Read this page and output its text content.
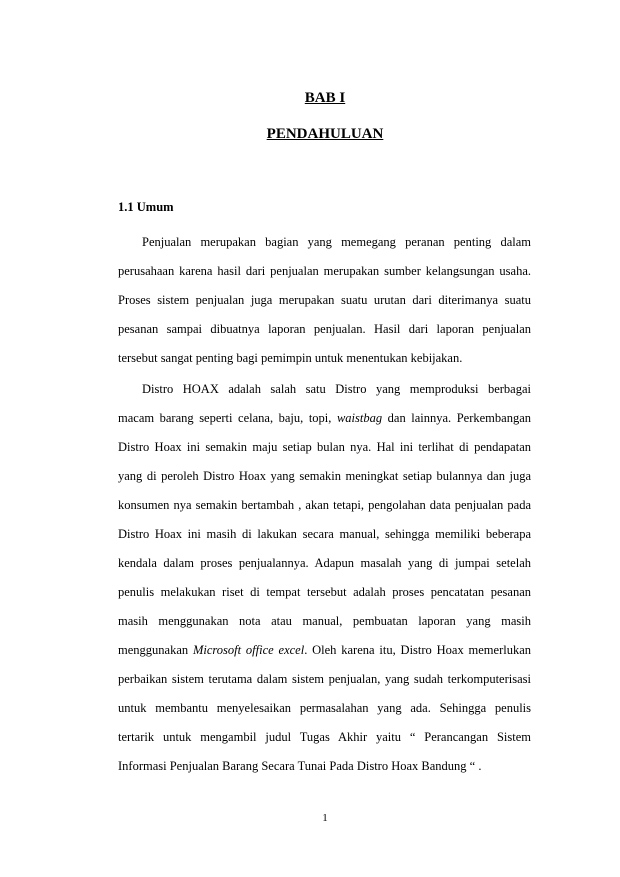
BAB I
PENDAHULUAN
1.1 Umum
Penjualan merupakan bagian yang memegang peranan penting dalam
perusahaan karena hasil dari penjualan merupakan sumber kelangsungan usaha.
Proses sistem penjualan juga merupakan suatu urutan dari diterimanya suatu
pesanan sampai dibuatnya laporan penjualan. Hasil dari laporan penjualan
tersebut sangat penting bagi pemimpin untuk menentukan kebijakan.
Distro HOAX adalah salah satu Distro yang memproduksi berbagai
macam barang seperti celana, baju, topi, waistbag dan lainnya. Perkembangan
Distro Hoax ini semakin maju setiap bulan nya. Hal ini terlihat di pendapatan
yang di peroleh Distro Hoax yang semakin meningkat setiap bulannya dan juga
konsumen nya semakin bertambah , akan tetapi, pengolahan data penjualan pada
Distro Hoax ini masih di lakukan secara manual, sehingga memiliki beberapa
kendala dalam proses penjualannya. Adapun masalah yang di jumpai setelah
penulis melakukan riset di tempat tersebut adalah proses pencatatan pesanan
masih menggunakan nota atau manual, pembuatan laporan yang masih
menggunakan Microsoft office excel. Oleh karena itu, Distro Hoax memerlukan
perbaikan sistem terutama dalam sistem penjualan, yang sudah terkomputerisasi
untuk membantu menyelesaikan permasalahan yang ada. Sehingga penulis
tertarik untuk mengambil judul Tugas Akhir yaitu “ Perancangan Sistem
Informasi Penjualan Barang Secara Tunai Pada Distro Hoax Bandung “ .
1
